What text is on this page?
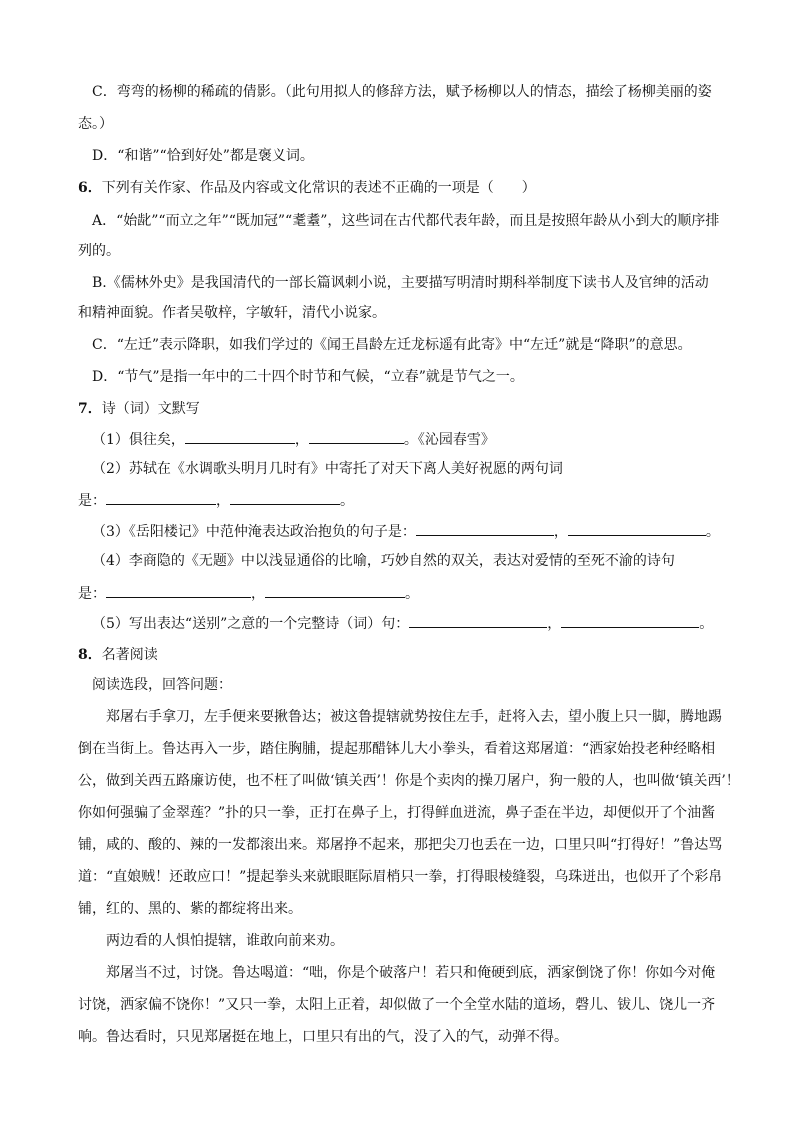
C．弯弯的杨柳的稀疏的倩影。（此句用拟人的修辞方法，赋予杨柳以人的情态，描绘了杨柳美丽的姿
态。）
D．“和谐”“恰到好处”都是褒义词。
6．下列有关作家、作品及内容或文化常识的表述不正确的一项是（　　）
A．“始龀”“而立之年”“既加冠”“耄耋”，这些词在古代都代表年龄，而且是按照年龄从小到大的顺序排
列的。
B.《儒林外史》是我国清代的一部长篇讽刺小说，主要描写明清时期科举制度下读书人及官绅的活动
和精神面貌。作者吴敬梓，字敏轩，清代小说家。
C．“左迁”表示降职，如我们学过的《闻王昌龄左迁龙标遥有此寄》中“左迁”就是“降职”的意思。
D．“节气”是指一年中的二十四个时节和气候，“立春”就是节气之一。
7．诗（词）文默写
（1）俱往矣，	，	。《沁园春雪》
（2）苏轼在《水调歌头明月几时有》中寄托了对天下离人美好祝愿的两句词
是：	，	。
（3）《岳阳楼记》中范仲淹表达政治抱负的句子是：	，	。
（4）李商隐的《无题》中以浅显通俗的比喻，巧妙自然的双关，表达对爱情的至死不渝的诗句
是：	，	。
（5）写出表达“送别”之意的一个完整诗（词）句：	，	。
8．名著阅读
阅读选段，回答问题：
郑屠右手拿刀，左手便来要揪鲁达；被这鲁提辖就势按住左手，赶将入去，望小腹上只一脚，腾地踢
倒在当街上。鲁达再入一步，踏住胸脯，提起那醋钵儿大小拳头，看着这郑屠道：“洒家始投老种经略相
公，做到关西五路廉访使，也不枉了叫做‘镇关西’！你是个卖肉的操刀屠户，狗一般的人，也叫做‘镇关西’！
你如何强骗了金翠莲？”扑的只一拳，正打在鼻子上，打得鲜血迸流，鼻子歪在半边，却便似开了个油酱
铺，咸的、酸的、辣的一发都滚出来。郑屠挣不起来，那把尖刀也丢在一边，口里只叫“打得好！”鲁达骂
道：“直娘贼！还敢应口！”提起拳头来就眼眶际眉梢只一拳，打得眼棱缝裂，乌珠迸出，也似开了个彩帛
铺，红的、黑的、紫的都绽将出来。
两边看的人惧怕提辖，谁敢向前来劝。
郑屠当不过，讨饶。鲁达喝道：“咄，你是个破落户！若只和俺硬到底，洒家倒饶了你！你如今对俺
讨饶，洒家偏不饶你！”又只一拳，太阳上正着，却似做了一个全堂水陆的道场，磬儿、钹儿、饶儿一齐
响。鲁达看时，只见郑屠挺在地上，口里只有出的气，没了入的气，动弹不得。
